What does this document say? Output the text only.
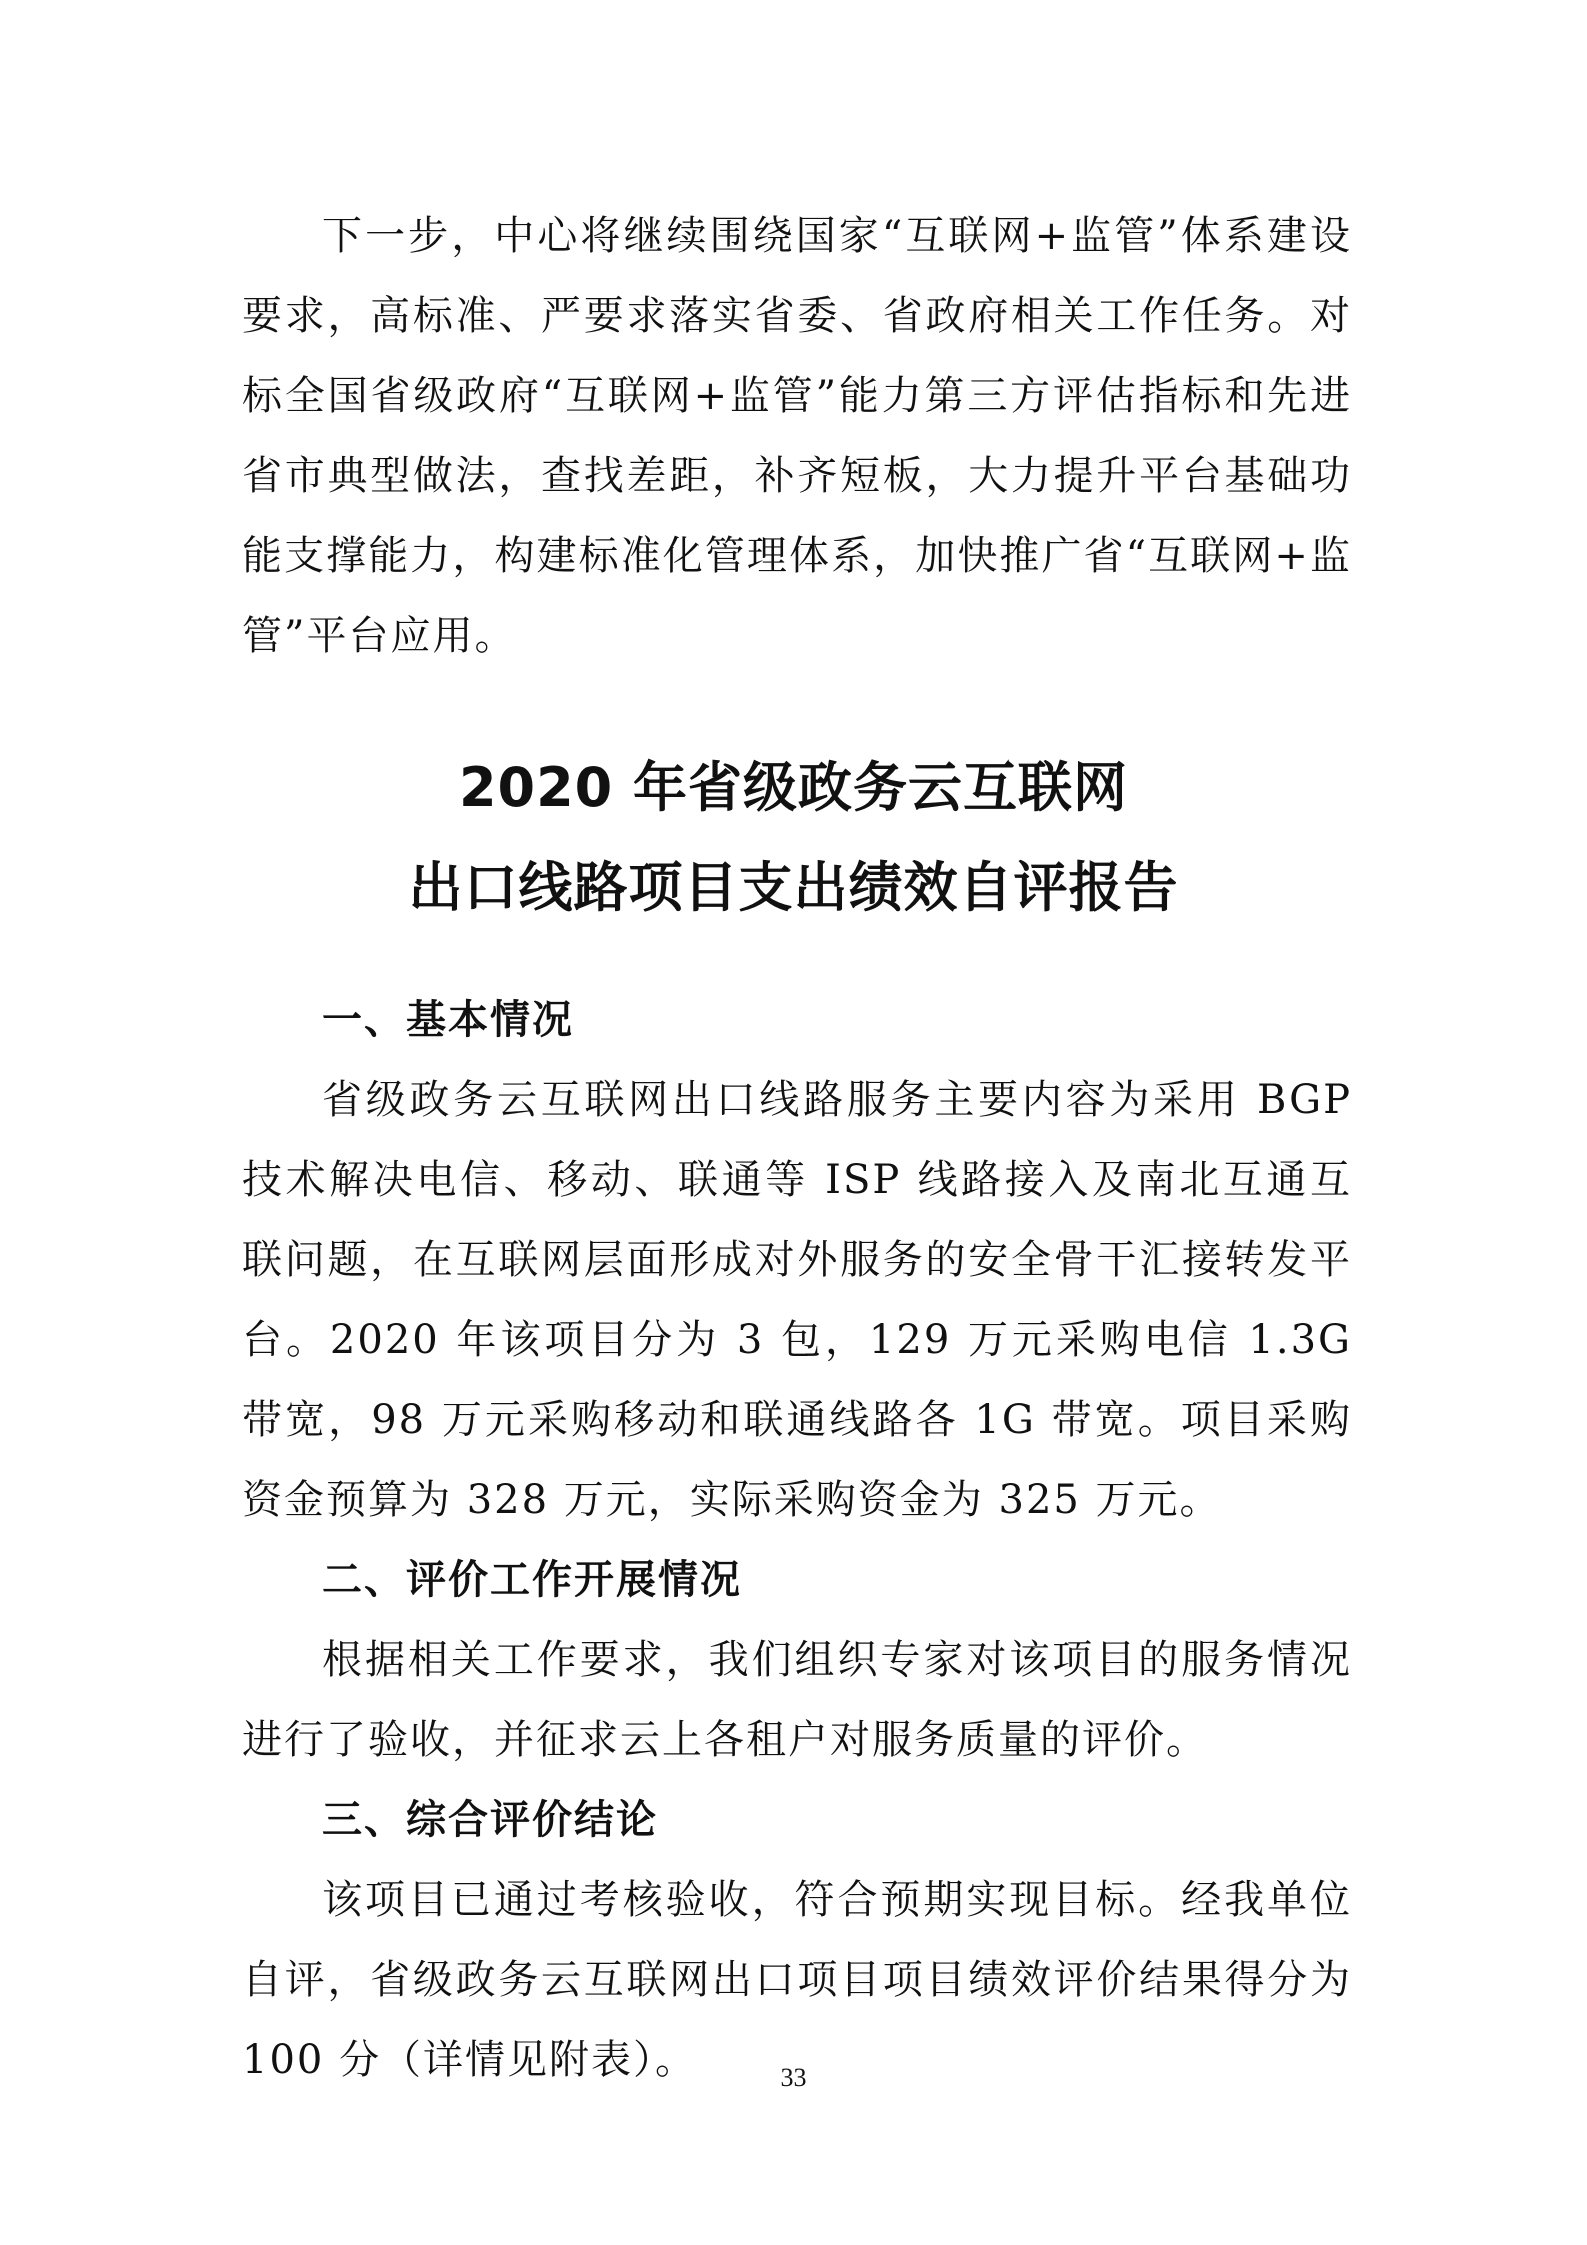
下一步，中心将继续围绕国家“互联网+监管”体系建设要求，高标准、严要求落实省委、省政府相关工作任务。对标全国省级政府“互联网+监管”能力第三方评估指标和先进省市典型做法，查找差距，补齐短板，大力提升平台基础功能支撑能力，构建标准化管理体系，加快推广省“互联网+监管”平台应用。

2020 年省级政务云互联网
出口线路项目支出绩效自评报告
一、基本情况

省级政务云互联网出口线路服务主要内容为采用 BGP 技术解决电信、移动、联通等 ISP 线路接入及南北互通互联问题，在互联网层面形成对外服务的安全骨干汇接转发平台。2020 年该项目分为 3 包，129 万元采购电信 1.3G 带宽，98 万元采购移动和联通线路各 1G 带宽。项目采购资金预算为 328 万元，实际采购资金为 325 万元。

二、评价工作开展情况

根据相关工作要求，我们组织专家对该项目的服务情况进行了验收，并征求云上各租户对服务质量的评价。

三、综合评价结论

该项目已通过考核验收，符合预期实现目标。经我单位自评，省级政务云互联网出口项目项目绩效评价结果得分为 100 分（详情见附表）。	33
